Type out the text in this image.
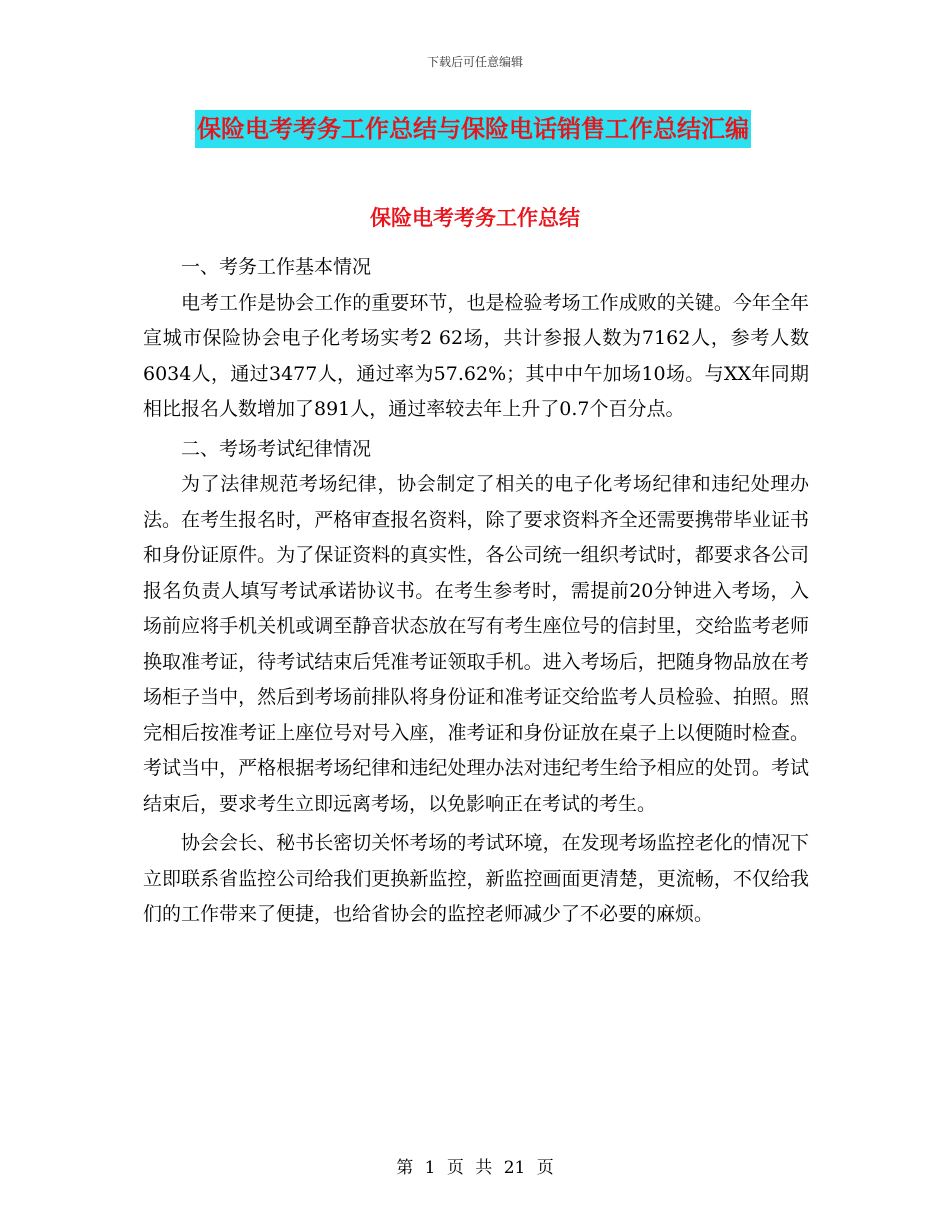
下载后可任意编辑
保险电考考务工作总结与保险电话销售工作总结汇编
保险电考考务工作总结

一、考务工作基本情况

电考工作是协会工作的重要环节，也是检验考场工作成败的关键。今年全年宣城市保险协会电子化考场实考2 62场，共计参报人数为7162人，参考人数6034人，通过3477人，通过率为57.62%；其中中午加场10场。与XX年同期相比报名人数增加了891人，通过率较去年上升了0.7个百分点。

二、考场考试纪律情况

为了法律规范考场纪律，协会制定了相关的电子化考场纪律和违纪处理办法。在考生报名时，严格审查报名资料，除了要求资料齐全还需要携带毕业证书和身份证原件。为了保证资料的真实性，各公司统一组织考试时，都要求各公司报名负责人填写考试承诺协议书。在考生参考时，需提前20分钟进入考场，入场前应将手机关机或调至静音状态放在写有考生座位号的信封里，交给监考老师换取准考证，待考试结束后凭准考证领取手机。进入考场后，把随身物品放在考场柜子当中，然后到考场前排队将身份证和准考证交给监考人员检验、拍照。照完相后按准考证上座位号对号入座，准考证和身份证放在桌子上以便随时检查。考试当中，严格根据考场纪律和违纪处理办法对违纪考生给予相应的处罚。考试结束后，要求考生立即远离考场，以免影响正在考试的考生。

协会会长、秘书长密切关怀考场的考试环境，在发现考场监控老化的情况下立即联系省监控公司给我们更换新监控，新监控画面更清楚，更流畅，不仅给我们的工作带来了便捷，也给省协会的监控老师减少了不必要的麻烦。

第 1 页 共 21 页
